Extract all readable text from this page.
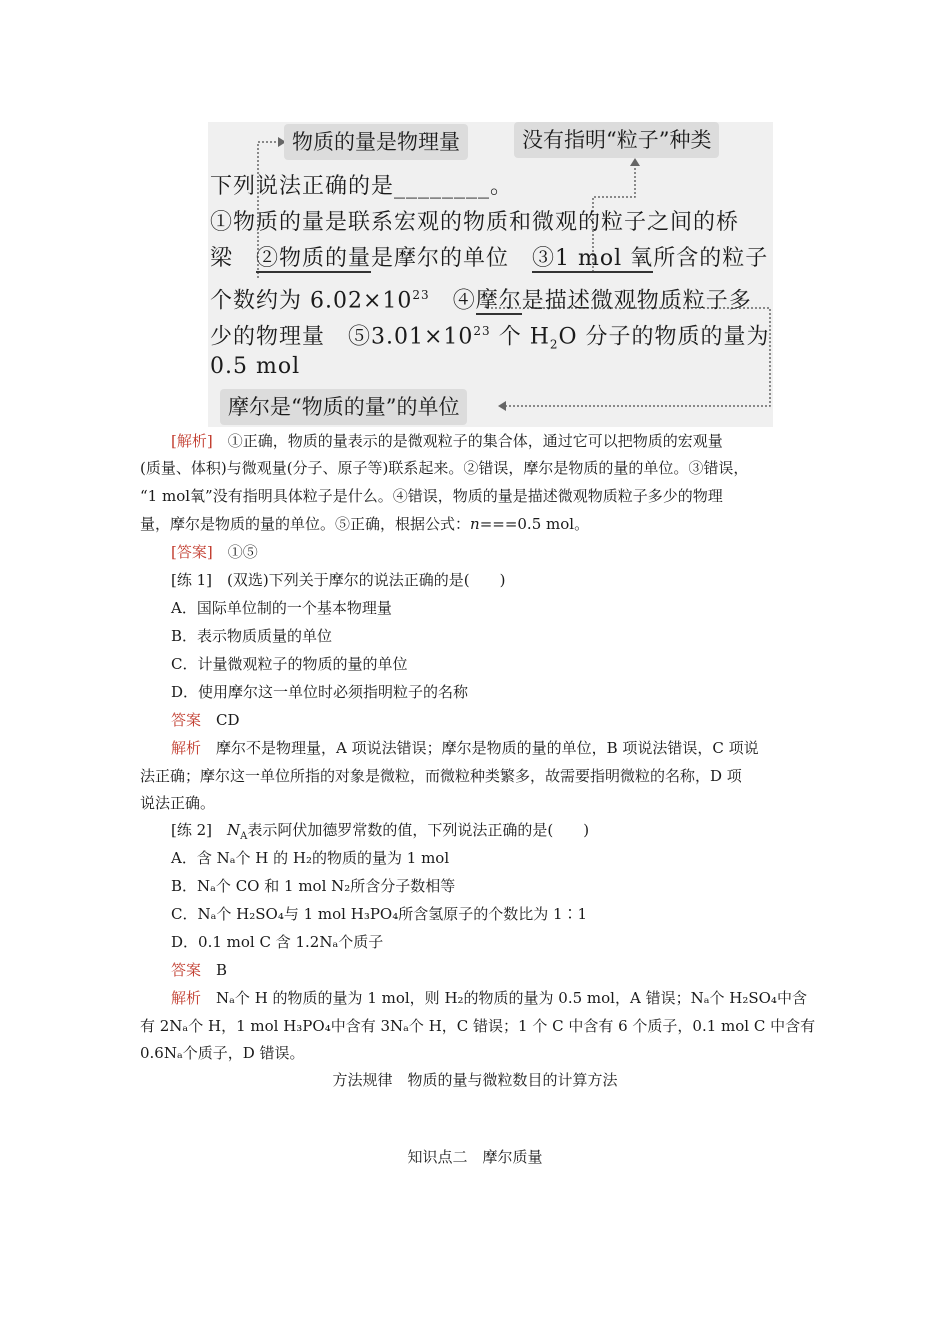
物质的量是物理量	没有指明“粒子”种类
下列说法正确的是________。
①物质的量是联系宏观的物质和微观的粒子之间的桥
梁　②物质的量是摩尔的单位　③1 mol 氧所含的粒子
个数约为 $6.02\times 10^{23}$　④摩尔是描述微观物质粒子多
少的物理量　$⑤3.01\times 10^{23}$ 个 $H_2O$ 分子的物质的量为
0.5 mol
摩尔是“物质的量”的单位
[解析]　①正确，物质的量表示的是微观粒子的集合体，通过它可以把物质的宏观量
(质量、体积)与微观量(分子、原子等)联系起来。②错误，摩尔是物质的量的单位。③错误，
“1 mol氧”没有指明具体粒子是什么。④错误，物质的量是描述微观物质粒子多少的物理
量，摩尔是物质的量的单位。⑤正确，根据公式：n===0.5 mol。
[答案]　①⑤
[练 1]　(双选)下列关于摩尔的说法正确的是(　　)
A．国际单位制的一个基本物理量
B．表示物质质量的单位
C．计量微观粒子的物质的量的单位
D．使用摩尔这一单位时必须指明粒子的名称
答案　CD
解析　摩尔不是物理量，A 项说法错误；摩尔是物质的量的单位，B 项说法错误，C 项说
法正确；摩尔这一单位所指的对象是微粒，而微粒种类繁多，故需要指明微粒的名称，D 项
说法正确。
[练 2]　$N_A$表示阿伏加德罗常数的值，下列说法正确的是(　　)
A．含 Nₐ个 H 的 H₂的物质的量为 1 mol
B．Nₐ个 CO 和 1 mol N₂所含分子数相等
C．Nₐ个 H₂SO₄与 1 mol H₃PO₄所含氢原子的个数比为 1∶1
D．0.1 mol C 含 1.2Nₐ个质子
答案　B
解析　Nₐ个 H 的物质的量为 1 mol，则 H₂的物质的量为 0.5 mol，A 错误；Nₐ个 H₂SO₄中含
有 2Nₐ个 H，1 mol H₃PO₄中含有 3Nₐ个 H，C 错误；1 个 C 中含有 6 个质子，0.1 mol C 中含有
0.6Nₐ个质子，D 错误。
方法规律　物质的量与微粒数目的计算方法
知识点二　摩尔质量
